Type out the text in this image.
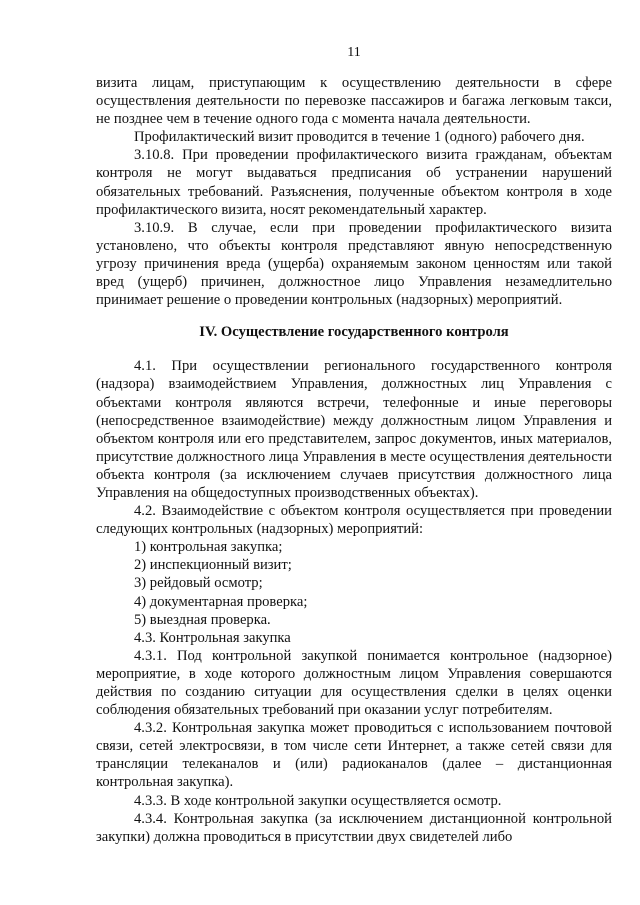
11

визита лицам, приступающим к осуществлению деятельности в сфере осуществления деятельности по перевозке пассажиров и багажа легковым такси, не позднее чем в течение одного года с момента начала деятельности.

Профилактический визит проводится в течение 1 (одного) рабочего дня.

3.10.8. При проведении профилактического визита гражданам, объектам контроля не могут выдаваться предписания об устранении нарушений обязательных требований. Разъяснения, полученные объектом контроля в ходе профилактического визита, носят рекомендательный характер.

3.10.9. В случае, если при проведении профилактического визита установлено, что объекты контроля представляют явную непосредственную угрозу причинения вреда (ущерба) охраняемым законом ценностям или такой вред (ущерб) причинен, должностное лицо Управления незамедлительно принимает решение о проведении контрольных (надзорных) мероприятий.

IV. Осуществление государственного контроля

4.1. При осуществлении регионального государственного контроля (надзора) взаимодействием Управления, должностных лиц Управления с объектами контроля являются встречи, телефонные и иные переговоры (непосредственное взаимодействие) между должностным лицом Управления и объектом контроля или его представителем, запрос документов, иных материалов, присутствие должностного лица Управления в месте осуществления деятельности объекта контроля (за исключением случаев присутствия должностного лица Управления на общедоступных производственных объектах).

4.2. Взаимодействие с объектом контроля осуществляется при проведении следующих контрольных (надзорных) мероприятий:

1) контрольная закупка;

2) инспекционный визит;

3) рейдовый осмотр;

4) документарная проверка;

5) выездная проверка.

4.3. Контрольная закупка

4.3.1. Под контрольной закупкой понимается контрольное (надзорное) мероприятие, в ходе которого должностным лицом Управления совершаются действия по созданию ситуации для осуществления сделки в целях оценки соблюдения обязательных требований при оказании услуг потребителям.

4.3.2. Контрольная закупка может проводиться с использованием почтовой связи, сетей электросвязи, в том числе сети Интернет, а также сетей связи для трансляции телеканалов и (или) радиоканалов (далее – дистанционная контрольная закупка).

4.3.3. В ходе контрольной закупки осуществляется осмотр.

4.3.4. Контрольная закупка (за исключением дистанционной контрольной закупки) должна проводиться в присутствии двух свидетелей либо
